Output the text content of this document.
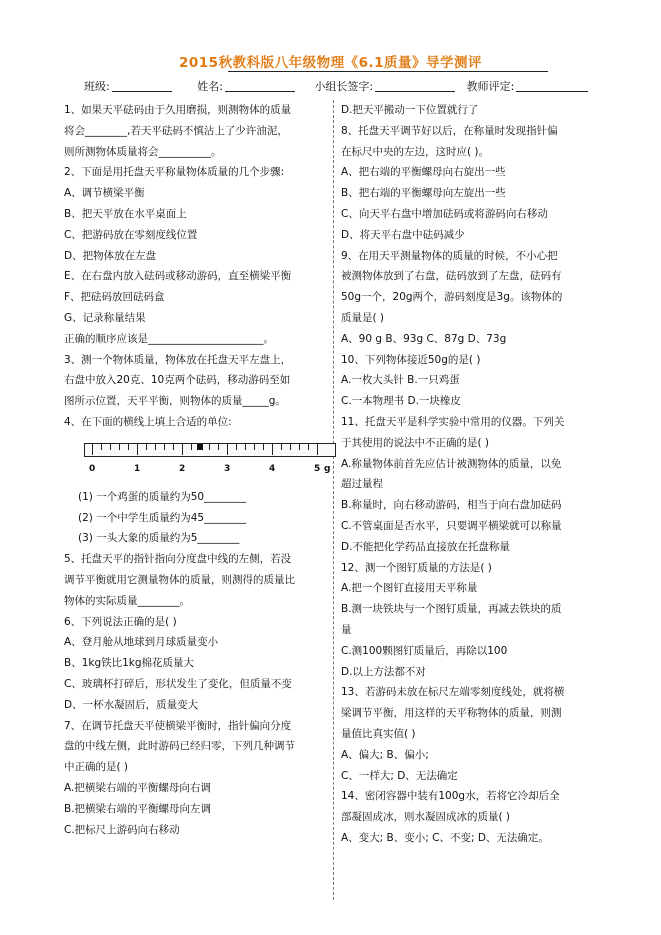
2015秋教科版八年级物理《6.1质量》导学测评
班级:	姓名:	小组长签字:	教师评定:
1、如果天平砝码由于久用磨损，则测物体的质量
将会________,若天平砝码不慎沾上了少许油泥，
则所测物体质量将会__________。
2、下面是用托盘天平称量物体质量的几个步骤:
A、调节横梁平衡
B、把天平放在水平桌面上
C、把游码放在零刻度线位置
D、把物体放在左盘
E、在右盘内放入砝码或移动游码，直至横梁平衡
F、把砝码放回砝码盒
G、记录称量结果
正确的顺序应该是______________________。
3、测一个物体质量，物体放在托盘天平左盘上，
右盘中放入20克、10克两个砝码，移动游码至如
图所示位置，天平平衡，则物体的质量_____g。
4、在下面的横线上填上合适的单位:
0	1	2	3	4	5 g
(1) 一个鸡蛋的质量约为50________
(2) 一个中学生质量约为45________
(3) 一头大象的质量约为5________
5、托盘天平的指针指向分度盘中线的左侧，若没
调节平衡就用它测量物体的质量，则测得的质量比
物体的实际质量________。
6、下列说法正确的是( )
A、登月舱从地球到月球质量变小
B、1kg铁比1kg棉花质量大
C、玻璃杯打碎后，形状发生了变化，但质量不变
D、一杯水凝固后，质量变大
7、在调节托盘天平使横梁平衡时，指针偏向分度
盘的中线左侧，此时游码已经归零，下列几种调节
中正确的是( )
A.把横梁右端的平衡螺母向右调
B.把横梁右端的平衡螺母向左调
C.把标尺上游码向右移动
D.把天平搬动一下位置就行了
8、托盘天平调节好以后，在称量时发现指针偏
在标尺中央的左边，这时应( )。
A、把右端的平衡螺母向右旋出一些
B、把右端的平衡螺母向左旋出一些
C、向天平右盘中增加砝码或将游码向右移动
D、将天平右盘中砝码减少
9、在用天平测量物体的质量的时候，不小心把
被测物体放到了右盘，砝码放到了左盘，砝码有
50g一个，20g两个，游码刻度是3g。该物体的
质量是( )
A、90 g B、93g C、87g D、73g
10、下列物体接近50g的是( )
A.一枚大头针 B.一只鸡蛋
C.一本物理书 D.一块橡皮
11、托盘天平是科学实验中常用的仪器。下列关
于其使用的说法中不正确的是( )
A.称量物体前首先应估计被测物体的质量，以免
超过量程
B.称量时，向右移动游码，相当于向右盘加砝码
C.不管桌面是否水平，只要调平横梁就可以称量
D.不能把化学药品直接放在托盘称量
12、测一个图钉质量的方法是( )
A.把一个图钉直接用天平称量
B.测一块铁块与一个图钉质量，再减去铁块的质
量
C.测100颗图钉质量后，再除以100
D.以上方法都不对
13、若游码未放在标尺左端零刻度线处，就将横
梁调节平衡，用这样的天平称物体的质量，则测
量值比真实值( )
A、偏大; B、偏小;
C、一样大; D、无法确定
14、密闭容器中装有100g水，若将它冷却后全
部凝固成冰，则水凝固成冰的质量( )
A、变大; B、变小; C、不变; D、无法确定。
